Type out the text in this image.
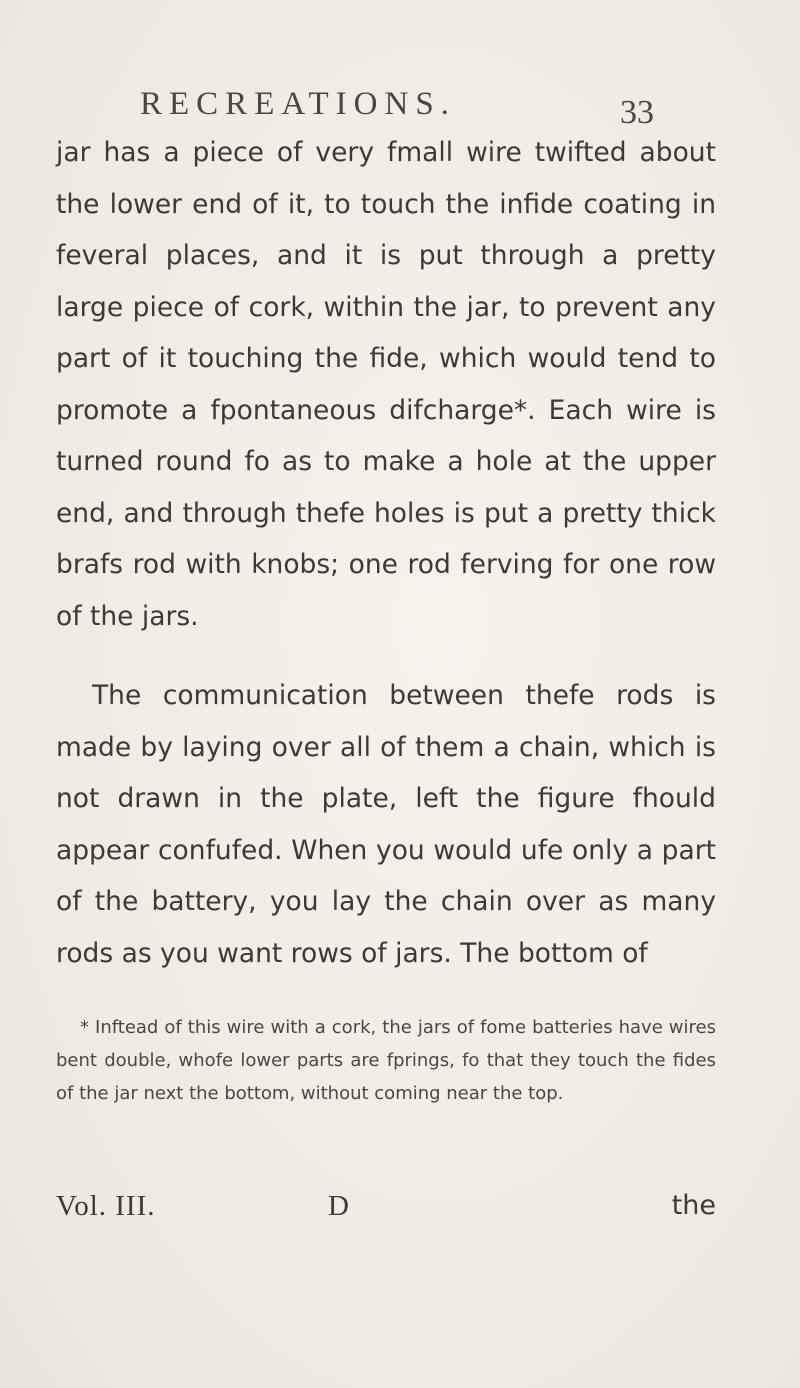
RECREATIONS.	33

jar has a piece of very fmall wire twifted about the lower end of it, to touch the infide coating in feveral places, and it is put through a pretty large piece of cork, within the jar, to prevent any part of it touching the fide, which would tend to promote a fpontaneous difcharge*. Each wire is turned round fo as to make a hole at the upper end, and through thefe holes is put a pretty thick brafs rod with knobs; one rod ferving for one row of the jars.

The communication between thefe rods is made by laying over all of them a chain, which is not drawn in the plate, left the figure fhould appear confufed. When you would ufe only a part of the battery, you lay the chain over as many rods as you want rows of jars. The bottom of

* Inftead of this wire with a cork, the jars of fome batteries have wires bent double, whofe lower parts are fprings, fo that they touch the fides of the jar next the bottom, without coming near the top.
Vol. III.	D	the
